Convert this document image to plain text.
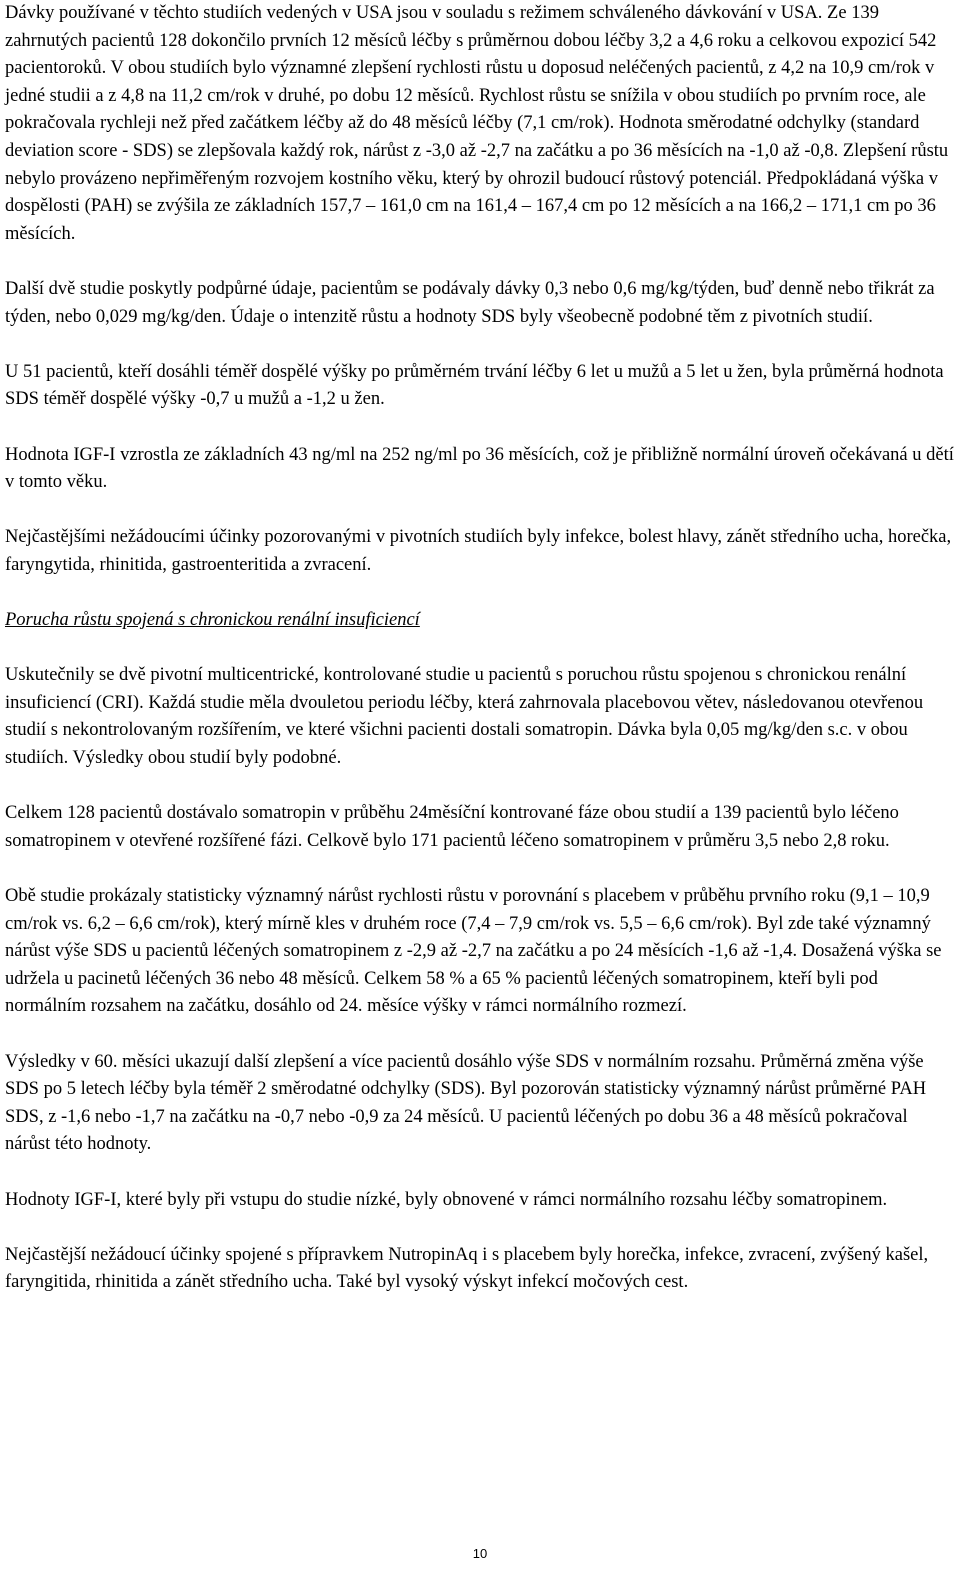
Dávky používané v těchto studiích vedených v USA jsou v souladu s režimem schváleného dávkování v USA. Ze 139 zahrnutých pacientů 128 dokončilo prvních 12 měsíců léčby s průměrnou dobou léčby 3,2 a 4,6 roku a celkovou expozicí 542 pacientoroků. V obou studiích bylo významné zlepšení rychlosti růstu u doposud neléčených pacientů, z 4,2 na 10,9 cm/rok v jedné studii a z 4,8 na 11,2 cm/rok v druhé, po dobu 12 měsíců. Rychlost růstu se snížila v obou studiích po prvním roce, ale pokračovala rychleji než před začátkem léčby až do 48 měsíců léčby (7,1 cm/rok). Hodnota směrodatné odchylky (standard deviation score - SDS) se zlepšovala každý rok, nárůst z -3,0 až -2,7 na začátku a po 36 měsících na -1,0 až -0,8. Zlepšení růstu nebylo provázeno nepřiměřeným rozvojem kostního věku, který by ohrozil budoucí růstový potenciál. Předpokládaná výška v dospělosti (PAH) se zvýšila ze základních 157,7 – 161,0 cm na 161,4 – 167,4 cm po 12 měsících a na 166,2 – 171,1 cm po 36 měsících.

Další dvě studie poskytly podpůrné údaje, pacientům se podávaly dávky 0,3 nebo 0,6 mg/kg/týden, buď denně nebo třikrát za týden, nebo 0,029 mg/kg/den. Údaje o intenzitě růstu a hodnoty SDS byly všeobecně podobné těm z pivotních studií.

U 51 pacientů, kteří dosáhli téměř dospělé výšky po průměrném trvání léčby 6 let u mužů a 5 let u žen, byla průměrná hodnota SDS téměř dospělé výšky -0,7 u mužů a -1,2 u žen.

Hodnota IGF-I vzrostla ze základních 43 ng/ml na 252 ng/ml po 36 měsících, což je přibližně normální úroveň očekávaná u dětí v tomto věku.

Nejčastějšími nežádoucími účinky pozorovanými v pivotních studiích byly infekce, bolest hlavy, zánět středního ucha, horečka, faryngytida, rhinitida, gastroenteritida a zvracení.

Porucha růstu spojená s chronickou renální insuficiencí

Uskutečnily se dvě pivotní multicentrické, kontrolované studie u pacientů s poruchou růstu spojenou s chronickou renální insuficiencí (CRI). Každá studie měla dvouletou periodu léčby, která zahrnovala placebovou větev, následovanou otevřenou studií s nekontrolovaným rozšířením, ve které všichni pacienti dostali somatropin. Dávka byla 0,05 mg/kg/den s.c. v obou studiích. Výsledky obou studií byly podobné.

Celkem 128 pacientů dostávalo somatropin v průběhu 24měsíční kontrované fáze obou studií a 139 pacientů bylo léčeno somatropinem v otevřené rozšířené fázi. Celkově bylo 171 pacientů léčeno somatropinem v průměru 3,5 nebo 2,8 roku.

Obě studie prokázaly statisticky významný nárůst rychlosti růstu v porovnání s placebem v průběhu prvního roku (9,1 – 10,9 cm/rok vs. 6,2 – 6,6 cm/rok), který mírně kles v druhém roce (7,4 – 7,9 cm/rok vs. 5,5 – 6,6 cm/rok). Byl zde také významný nárůst výše SDS u pacientů léčených somatropinem z -2,9 až -2,7 na začátku a po 24 měsících -1,6 až -1,4. Dosažená výška se udržela u pacinetů léčených 36 nebo 48 měsíců. Celkem 58 % a 65 % pacientů léčených somatropinem, kteří byli pod normálním rozsahem na začátku, dosáhlo od 24. měsíce výšky v rámci normálního rozmezí.

Výsledky v 60. měsíci ukazují další zlepšení a více pacientů dosáhlo výše SDS v normálním rozsahu. Průměrná změna výše SDS po 5 letech léčby byla téměř 2 směrodatné odchylky (SDS). Byl pozorován statisticky významný nárůst průměrné PAH SDS, z -1,6 nebo -1,7 na začátku na -0,7 nebo -0,9 za 24 měsíců. U pacientů léčených po dobu 36 a 48 měsíců pokračoval nárůst této hodnoty.

Hodnoty IGF-I, které byly při vstupu do studie nízké, byly obnovené v rámci normálního rozsahu léčby somatropinem.

Nejčastější nežádoucí účinky spojené s přípravkem NutropinAq i s placebem byly horečka, infekce, zvracení, zvýšený kašel, faryngitida, rhinitida a zánět středního ucha. Také byl vysoký výskyt infekcí močových cest.

10
